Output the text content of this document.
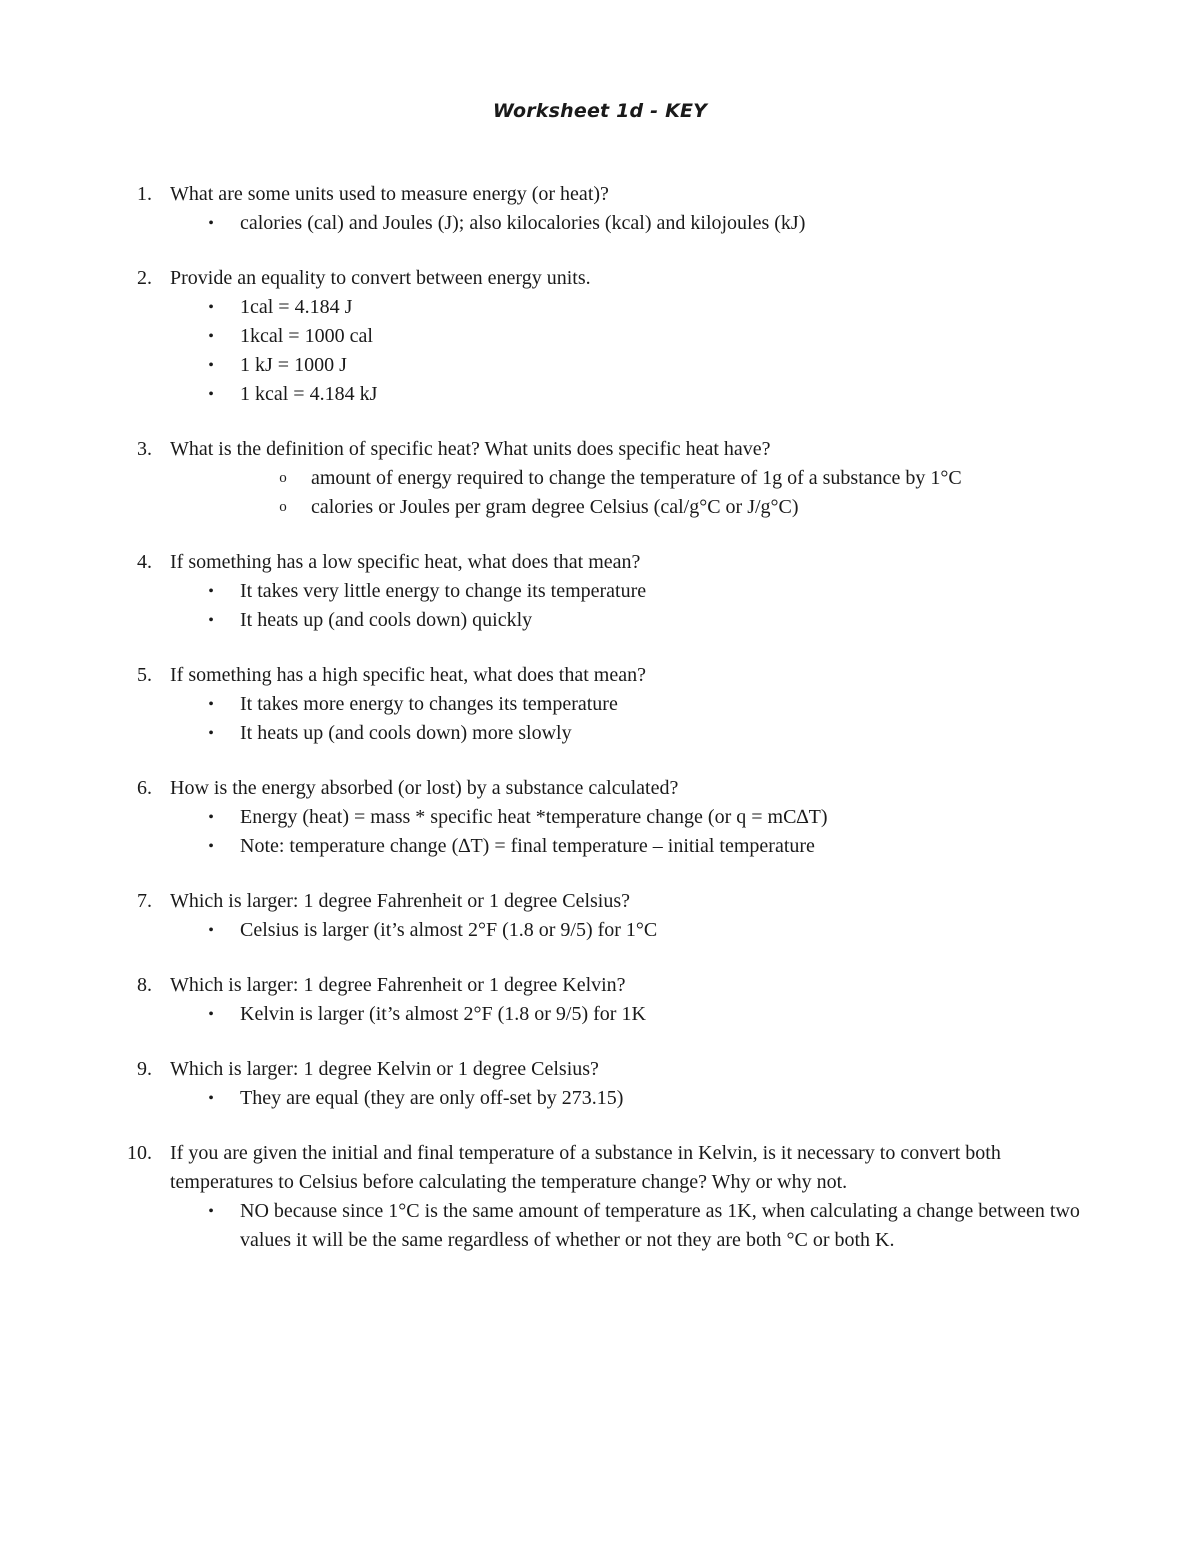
Worksheet 1d - KEY
1. What are some units used to measure energy (or heat)?
• calories (cal) and Joules (J); also kilocalories (kcal) and kilojoules (kJ)
2. Provide an equality to convert between energy units.
• 1cal = 4.184 J
• 1kcal = 1000 cal
• 1 kJ = 1000 J
• 1 kcal = 4.184 kJ
3. What is the definition of specific heat? What units does specific heat have?
o amount of energy required to change the temperature of 1g of a substance by 1°C
o calories or Joules per gram degree Celsius (cal/g°C or J/g°C)
4. If something has a low specific heat, what does that mean?
• It takes very little energy to change its temperature
• It heats up (and cools down) quickly
5. If something has a high specific heat, what does that mean?
• It takes more energy to changes its temperature
• It heats up (and cools down) more slowly
6. How is the energy absorbed (or lost) by a substance calculated?
• Energy (heat) = mass * specific heat *temperature change (or q = mC∆T)
• Note: temperature change (∆T) = final temperature – initial temperature
7. Which is larger: 1 degree Fahrenheit or 1 degree Celsius?
• Celsius is larger (it’s almost 2°F (1.8 or 9/5) for 1°C
8. Which is larger: 1 degree Fahrenheit or 1 degree Kelvin?
• Kelvin is larger (it’s almost 2°F (1.8 or 9/5) for 1K
9. Which is larger: 1 degree Kelvin or 1 degree Celsius?
• They are equal (they are only off-set by 273.15)
10. If you are given the initial and final temperature of a substance in Kelvin, is it necessary to convert both temperatures to Celsius before calculating the temperature change? Why or why not.
• NO because since 1°C is the same amount of temperature as 1K, when calculating a change between two values it will be the same regardless of whether or not they are both °C or both K.
